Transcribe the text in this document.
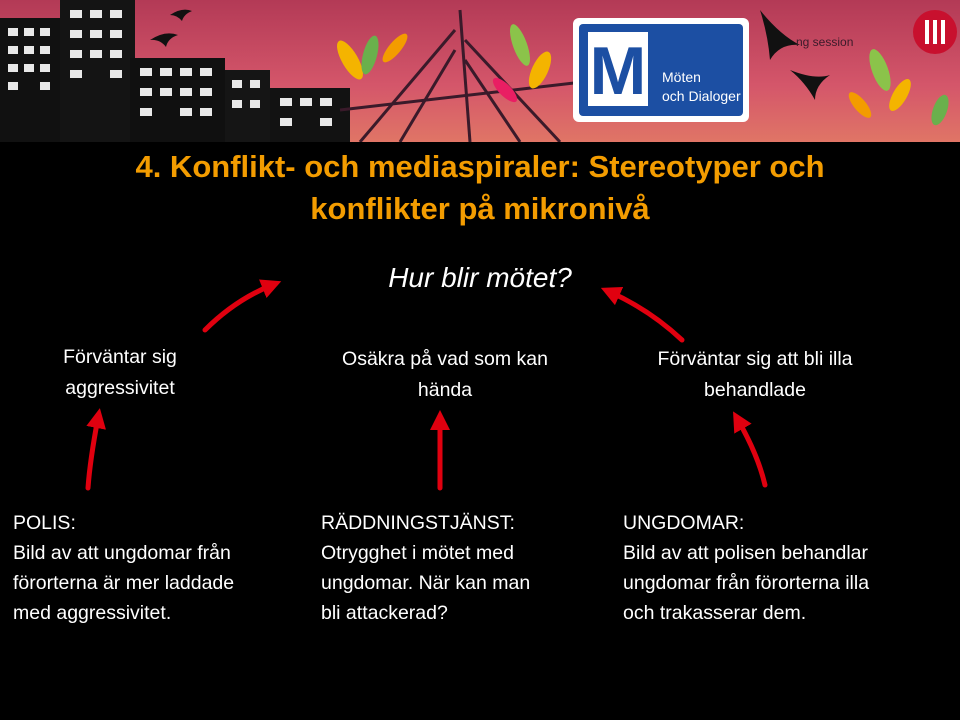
M Möten
och Dialoger
ng session
4. Konflikt- och mediaspiraler: Stereotyper och
konflikter på mikronivå
Hur blir mötet?
Förväntar sig
aggressivitet
Osäkra på vad som kan
hända
Förväntar sig att bli illa
behandlade
POLIS:
Bild av att ungdomar från
förorterna är mer laddade
med aggressivitet.
RÄDDNINGSTJÄNST:
Otrygghet i mötet med
ungdomar. När kan man
bli attackerad?
UNGDOMAR:
Bild av att polisen behandlar
ungdomar från förorterna illa
och trakasserar dem.
